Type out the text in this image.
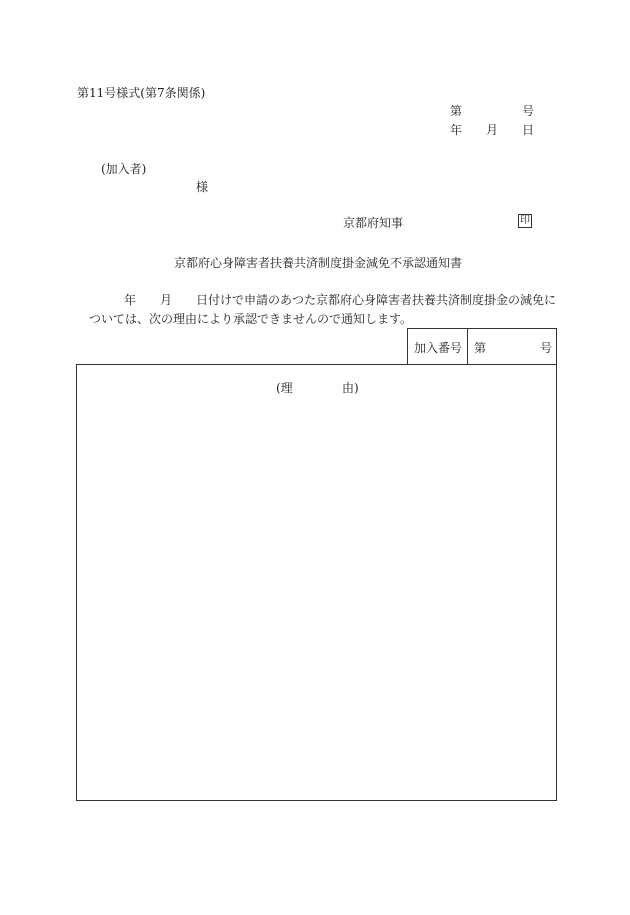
第11号様式(第7条関係)
第	号
年 月 日
(加入者)
様
京都府知事	印
京都府心身障害者扶養共済制度掛金減免不承認通知書
年 月 日付けで申請のあつた京都府心身障害者扶養共済制度掛金の減免に
ついては、次の理由により承認できませんので通知します。
加入番号 第	号
(理	由)
